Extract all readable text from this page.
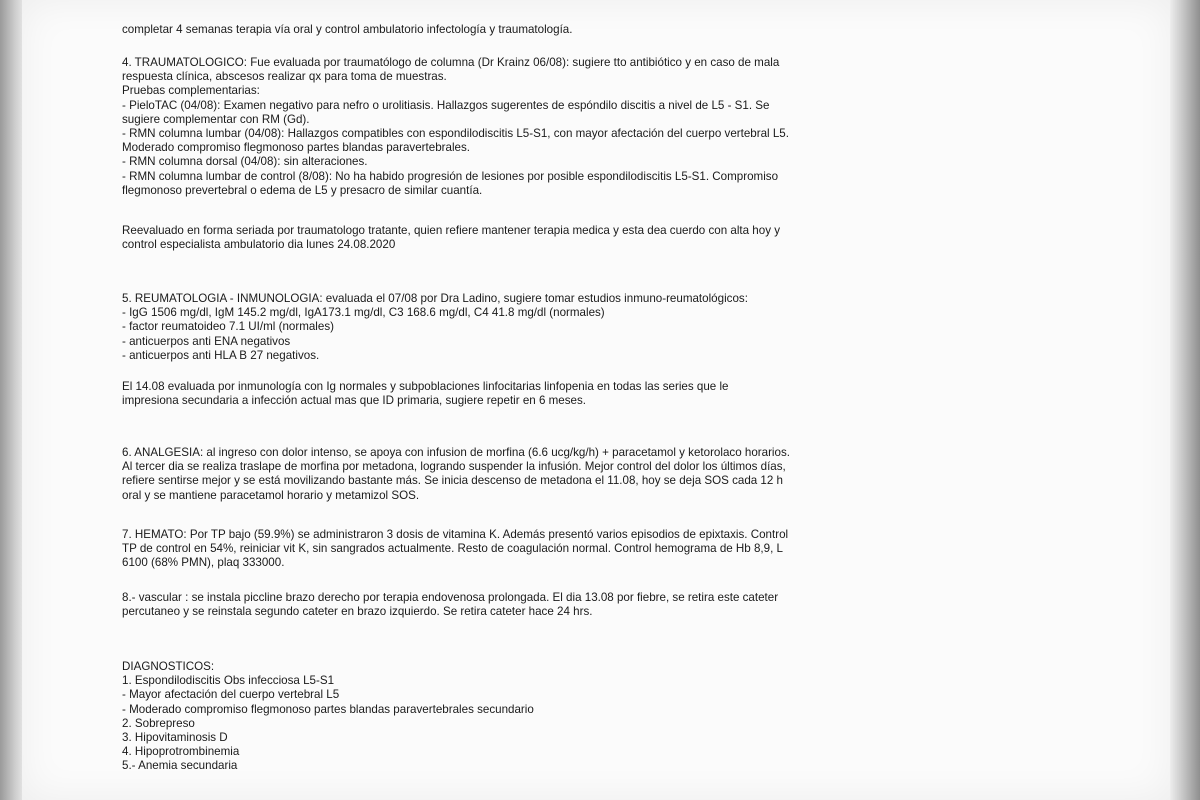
completar 4 semanas terapia vía oral y control ambulatorio infectología y traumatología.
4. TRAUMATOLOGICO: Fue evaluada por traumatólogo de columna (Dr Krainz 06/08): sugiere tto antibiótico y en caso de mala
respuesta clínica, abscesos realizar qx para toma de muestras.
Pruebas complementarias:
- PieloTAC (04/08): Examen negativo para nefro o urolitiasis. Hallazgos sugerentes de espóndilo discitis a nivel de L5 - S1. Se
sugiere complementar con RM (Gd).
- RMN columna lumbar (04/08): Hallazgos compatibles con espondilodiscitis L5-S1, con mayor afectación del cuerpo vertebral L5.
Moderado compromiso flegmonoso partes blandas paravertebrales.
- RMN columna dorsal (04/08): sin alteraciones.
- RMN columna lumbar de control (8/08): No ha habido progresión de lesiones por posible espondilodiscitis L5-S1. Compromiso
flegmonoso prevertebral o edema de L5 y presacro de similar cuantía.
Reevaluado en forma seriada por traumatologo tratante, quien refiere mantener terapia medica y esta dea cuerdo con alta hoy y
control especialista ambulatorio dia lunes 24.08.2020
5. REUMATOLOGIA - INMUNOLOGIA: evaluada el 07/08 por Dra Ladino, sugiere tomar estudios inmuno-reumatológicos:
- IgG 1506 mg/dl, IgM 145.2 mg/dl, IgA173.1 mg/dl, C3 168.6 mg/dl, C4 41.8 mg/dl (normales)
- factor reumatoideo 7.1 UI/ml (normales)
- anticuerpos anti ENA negativos
- anticuerpos anti HLA B 27 negativos.
El 14.08 evaluada por inmunología con Ig normales y subpoblaciones linfocitarias linfopenia en todas las series que le
impresiona secundaria a infección actual mas que ID primaria, sugiere repetir en 6 meses.
6. ANALGESIA: al ingreso con dolor intenso, se apoya con infusion de morfina (6.6 ucg/kg/h) + paracetamol y ketorolaco horarios.
Al tercer dia se realiza traslape de morfina por metadona, logrando suspender la infusión. Mejor control del dolor los últimos días,
refiere sentirse mejor y se está movilizando bastante más. Se inicia descenso de metadona el 11.08, hoy se deja SOS cada 12 h
oral y se mantiene paracetamol horario y metamizol SOS.
7. HEMATO: Por TP bajo (59.9%) se administraron 3 dosis de vitamina K. Además presentó varios episodios de epixtaxis. Control
TP de control en 54%, reiniciar vit K, sin sangrados actualmente. Resto de coagulación normal. Control hemograma de Hb 8,9, L
6100 (68% PMN), plaq 333000.
8.- vascular : se instala piccline brazo derecho por terapia endovenosa prolongada. El dia 13.08 por fiebre, se retira este cateter
percutaneo y se reinstala segundo cateter en brazo izquierdo. Se retira cateter hace 24 hrs.
DIAGNOSTICOS:
1. Espondilodiscitis Obs infecciosa L5-S1
- Mayor afectación del cuerpo vertebral L5
- Moderado compromiso flegmonoso partes blandas paravertebrales secundario
2. Sobrepreso
3. Hipovitaminosis D
4. Hipoprotrombinemia
5.- Anemia secundaria
